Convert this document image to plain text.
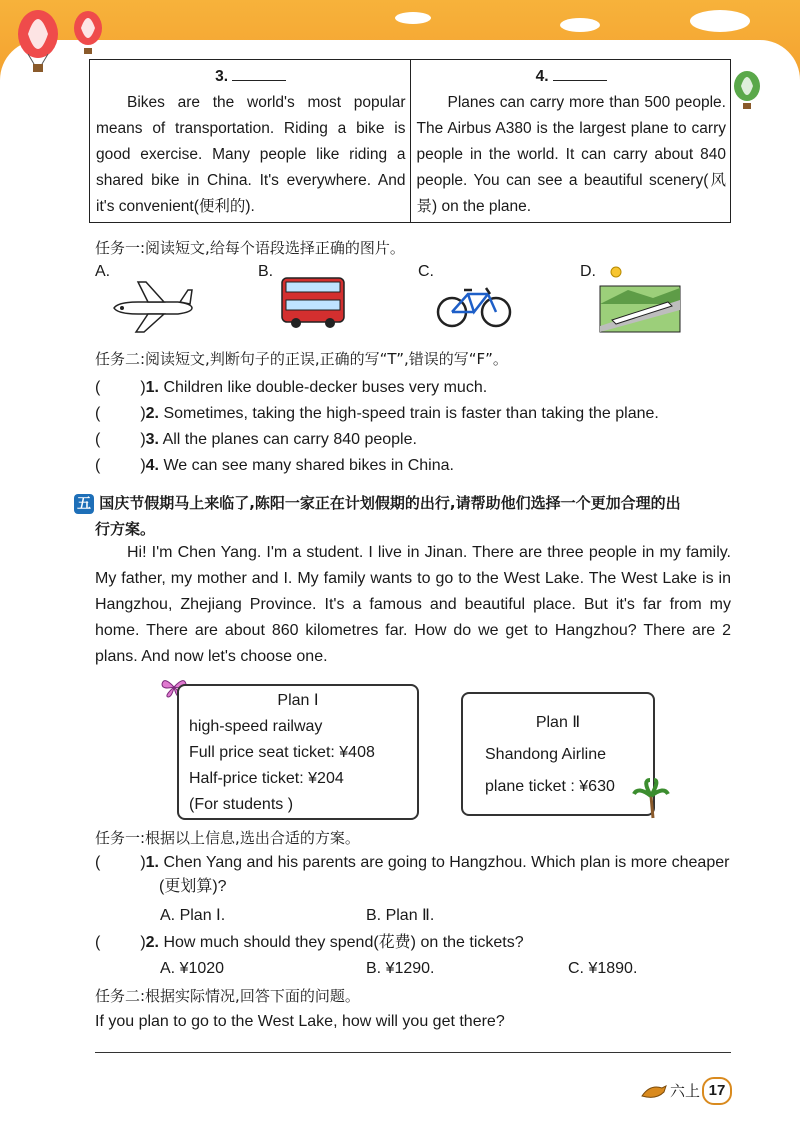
3.
Bikes are the world's most popular means of transportation. Riding a bike is good exercise. Many people like riding a shared bike in China. It's everywhere. And it's convenient(便利的).

4.
Planes can carry more than 500 people. The Airbus A380 is the largest plane to carry people in the world. It can carry about 840 people. You can see a beautiful scenery(风景) on the plane.
任务一:阅读短文,给每个语段选择正确的图片。
A.	B.	C.	D.
任务二:阅读短文,判断句子的正误,正确的写“T”,错误的写“F”。
(	)1. Children like double-decker buses very much.
(	)2. Sometimes, taking the high-speed train is faster than taking the plane.
(	)3. All the planes can carry 840 people.
(	)4. We can see many shared bikes in China.
五 国庆节假期马上来临了,陈阳一家正在计划假期的出行,请帮助他们选择一个更加合理的出
行方案。
Hi! I'm Chen Yang. I'm a student. I live in Jinan. There are three people in my family. My father, my mother and I. My family wants to go to the West Lake. The West Lake is in Hangzhou, Zhejiang Province. It's a famous and beautiful place. But it's far from my home. There are about 860 kilometres far. How do we get to Hangzhou? There are 2 plans. And now let's choose one.
Plan Ⅰ
high-speed railway
Full price seat ticket: ¥408
Half-price ticket: ¥204
(For students )
Plan Ⅱ
Shandong Airline
plane ticket : ¥630
任务一:根据以上信息,选出合适的方案。
(	)1. Chen Yang and his parents are going to Hangzhou. Which plan is more cheaper
(更划算)?
A. Plan Ⅰ.	B. Plan Ⅱ.
(	)2. How much should they spend(花费) on the tickets?
A. ¥1020	B. ¥1290.	C. ¥1890.
任务二:根据实际情况,回答下面的问题。
If you plan to go to the West Lake, how will you get there?
六上 17
